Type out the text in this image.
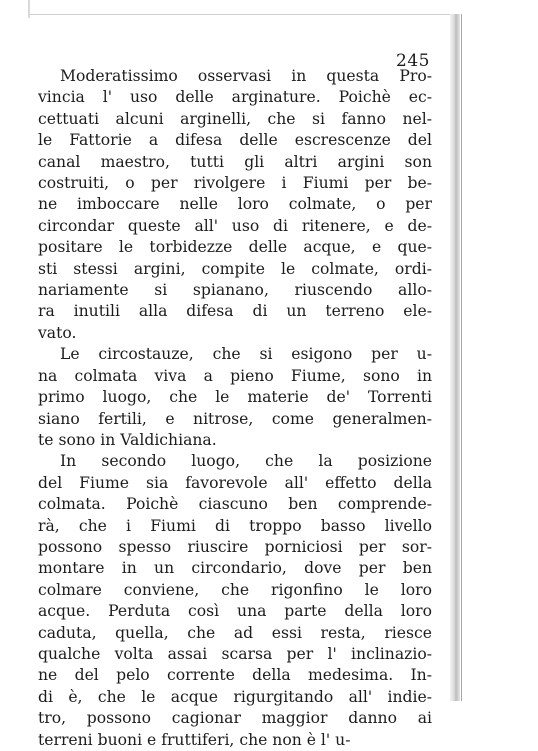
245
Moderatissimo osservasi in questa Pro-
vincia l' uso delle arginature. Poichè ec-
cettuati alcuni arginelli, che si fanno nel-
le Fattorie a difesa delle escrescenze del
canal maestro, tutti gli altri argini son
costruiti, o per rivolgere i Fiumi per be-
ne imboccare nelle loro colmate, o per
circondar queste all' uso di ritenere, e de-
positare le torbidezze delle acque, e que-
sti stessi argini, compite le colmate, ordi-
nariamente si spianano, riuscendo allo-
ra inutili alla difesa di un terreno ele-
vato.
Le circostauze, che si esigono per u-
na colmata viva a pieno Fiume, sono in
primo luogo, che le materie de' Torrenti
siano fertili, e nitrose, come generalmen-
te sono in Valdichiana.
In secondo luogo, che la posizione
del Fiume sia favorevole all' effetto della
colmata. Poichè ciascuno ben comprende-
rà, che i Fiumi di troppo basso livello
possono spesso riuscire porniciosi per sor-
montare in un circondario, dove per ben
colmare conviene, che rigonfino le loro
acque. Perduta così una parte della loro
caduta, quella, che ad essi resta, riesce
qualche volta assai scarsa per l' inclinazio-
ne del pelo corrente della medesima. In-
di è, che le acque rigurgitando all' indie-
tro, possono cagionar maggior danno ai
terreni buoni e fruttiferi, che non è l' u-
